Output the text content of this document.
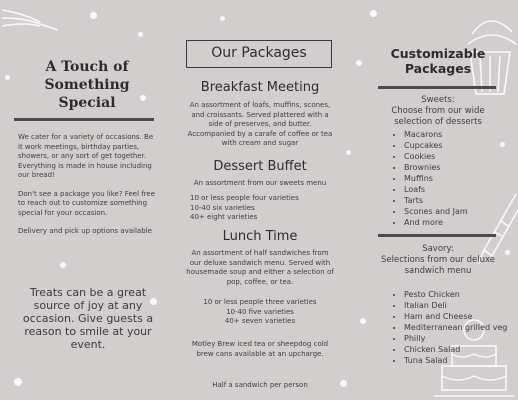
A Touch of Something Special

We cater for a variety of occasions. Be it work meetings, birthday parties, showers, or any sort of get together. Everything is made in house including our bread!

Don't see a package you like? Feel free to reach out to customize something special for your occasion.

Delivery and pick up options available

Treats can be a great source of joy at any occasion. Give guests a reason to smile at your event.
Our Packages
Breakfast Meeting
An assortment of loafs, muffins, scones, and croissants. Served plattered with a side of preserves, and butter. Accompanied by a carafe of coffee or tea with cream and sugar
Dessert Buffet
An assortment from our sweets menu
10 or less people four varieties
10-40 six varieties
40+ eight varieties
Lunch Time
An assortment of half sandwiches from our deluxe sandwich menu. Served with housemade soup and either a selection of pop, coffee, or tea.
10 or less people three varieties
10-40 five varieties
40+ seven varieties
Motley Brew iced tea or sheepdog cold brew cans available at an upcharge.
Half a sandwich per person
Customizable Packages
Sweets:
Choose from our wide selection of desserts
• Macarons
• Cupcakes
• Cookies
• Brownies
• Muffins
• Loafs
• Tarts
• Scones and Jam
• And more
Savory:
Selections from our deluxe sandwich menu
• Pesto Chicken
• Italian Deli
• Ham and Cheese
• Mediterranean grilled veg
• Philly
• Chicken Salad
• Tuna Salad
